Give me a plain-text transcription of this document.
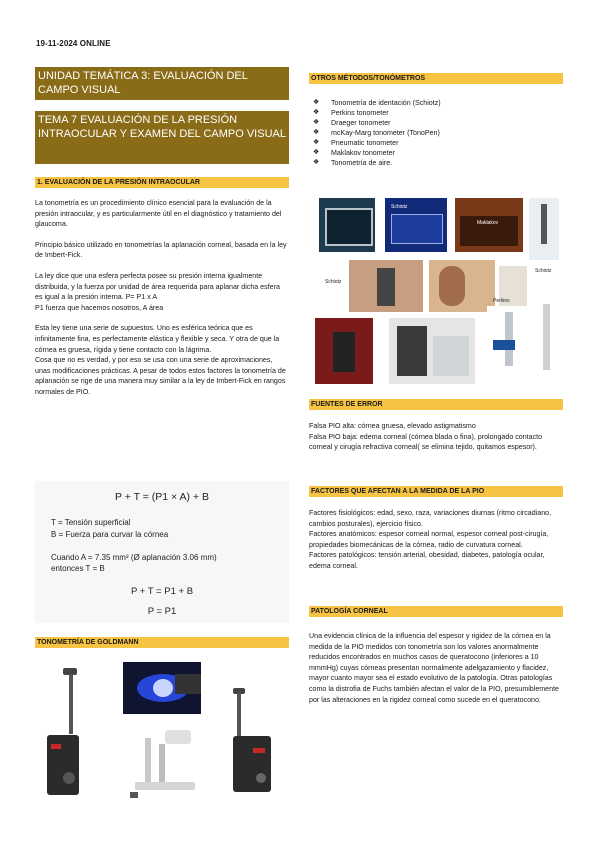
19-11-2024 ONLINE
UNIDAD TEMÁTICA 3: EVALUACIÓN DEL CAMPO VISUAL
TEMA 7 EVALUACIÓN DE LA PRESIÓN INTRAOCULAR Y EXAMEN DEL CAMPO VISUAL
1. EVALUACIÓN DE LA PRESIÓN INTRAOCULAR

La tonometría es un procedimiento clínico esencial para la evaluación de la presión intraocular, y es particularmente útil en el diagnóstico y tratamiento del glaucoma.

Principio básico utilizado en tonometrías la aplanación corneal, basada en la ley de Imbert-Fick.

La ley dice que una esfera perfecta posee su presión interna igualmente distribuida, y la fuerza por unidad de área requerida para aplanar dicha esfera es igual a la presión interna. P= P1 x A

P1 fuerza que hacemos nosotros, A área

Esta ley tiene una serie de supuestos. Uno es esférica teórica que es infinitamente fina, es perfectamente elástica y flexible y seca. Y otra de que la córnea es gruesa, rígida y tiene contacto con la lágrima.

Cosa que no es verdad, y por eso se usa con una serie de aproximaciones, unas modificaciones prácticas. A pesar de todos estos factores la tonometría de aplanación se rige de una manera muy similar a la ley de Imbert-Fick en rangos normales de PIO.

P + T = (P1 × A) + B
T = Tensión superficial
B = Fuerza para curvar la córnea
Cuando A = 7.35 mm² (Ø aplanación 3.06 mm)
entonces T = B
P + T = P1 + B
P = P1
TONOMETRÍA DE GOLDMANN
OTROS MÉTODOS/TONÓMETROS
❖ Tonometría de identación (Schiotz)
❖ Perkins tonometer
❖ Draeger tonometer
❖ mcKay-Marg tonometer (TonoPen)
❖ Pneumatic tonometer
❖ Maklakov tonometer
❖ Tonometría de aire.
Schiotz
Maklakov
Schiotz
Schiotz
Perkins
FUENTES DE ERROR

Falsa PIO alta: córnea gruesa, elevado astigmatismo

Falsa PIO baja: edema corneal (córnea blada o fina), prolongado contacto corneal y cirugía refractiva corneal( se elimina tejido, quitamos espesor).

FACTORES QUE AFECTAN A LA MEDIDA DE LA PIO

Factores fisiológicos: edad, sexo, raza, variaciones diurnas (ritmo circadiano, cambios posturales), ejercicio físico.

Factores anatómicos: espesor corneal normal, espesor corneal post-cirugía, propiedades biomecánicas de la córnea, radio de curvatura corneal.

Factores patológicos: tensión arterial, obesidad, diabetes, patología ocular, edema corneal.

PATOLOGÍA CORNEAL

Una evidencia clínica de la influencia del espesor y rigidez de la córnea en la medida de la PIO medidos con tonometría son los valores anormalmente reducidos encontrados en muchos casos de queratocono (inferiores a 10 mmmHg) cuyas córneas presentan normalmente adelgazamiento y flacidez, mayor cuanto mayor sea el estado evolutivo de la patología. Otras patologías como la distrofia de Fuchs también afectan el valor de la PIO, presumiblemente por las alteraciones en la rigidez corneal como sucede en el queratocono.
